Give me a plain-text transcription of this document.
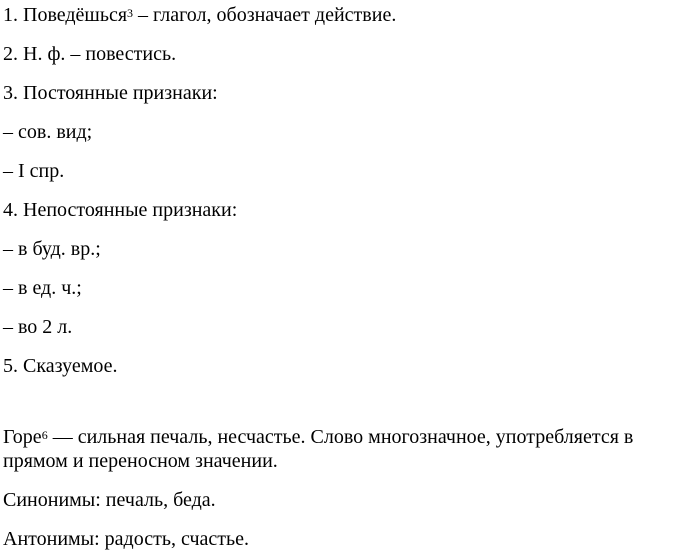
1. Поведёшься$^3$ – глагол, обозначает действие.
2. Н. ф. – повестись.
3. Постоянные признаки:
– сов. вид;
– I спр.
4. Непостоянные признаки:
– в буд. вр.;
– в ед. ч.;
– во 2 л.
5. Сказуемое.
Горе$^6$ — сильная печаль, несчастье. Слово многозначное, употребляется в прямом и переносном значении.
Синонимы: печаль, беда.
Антонимы: радость, счастье.
